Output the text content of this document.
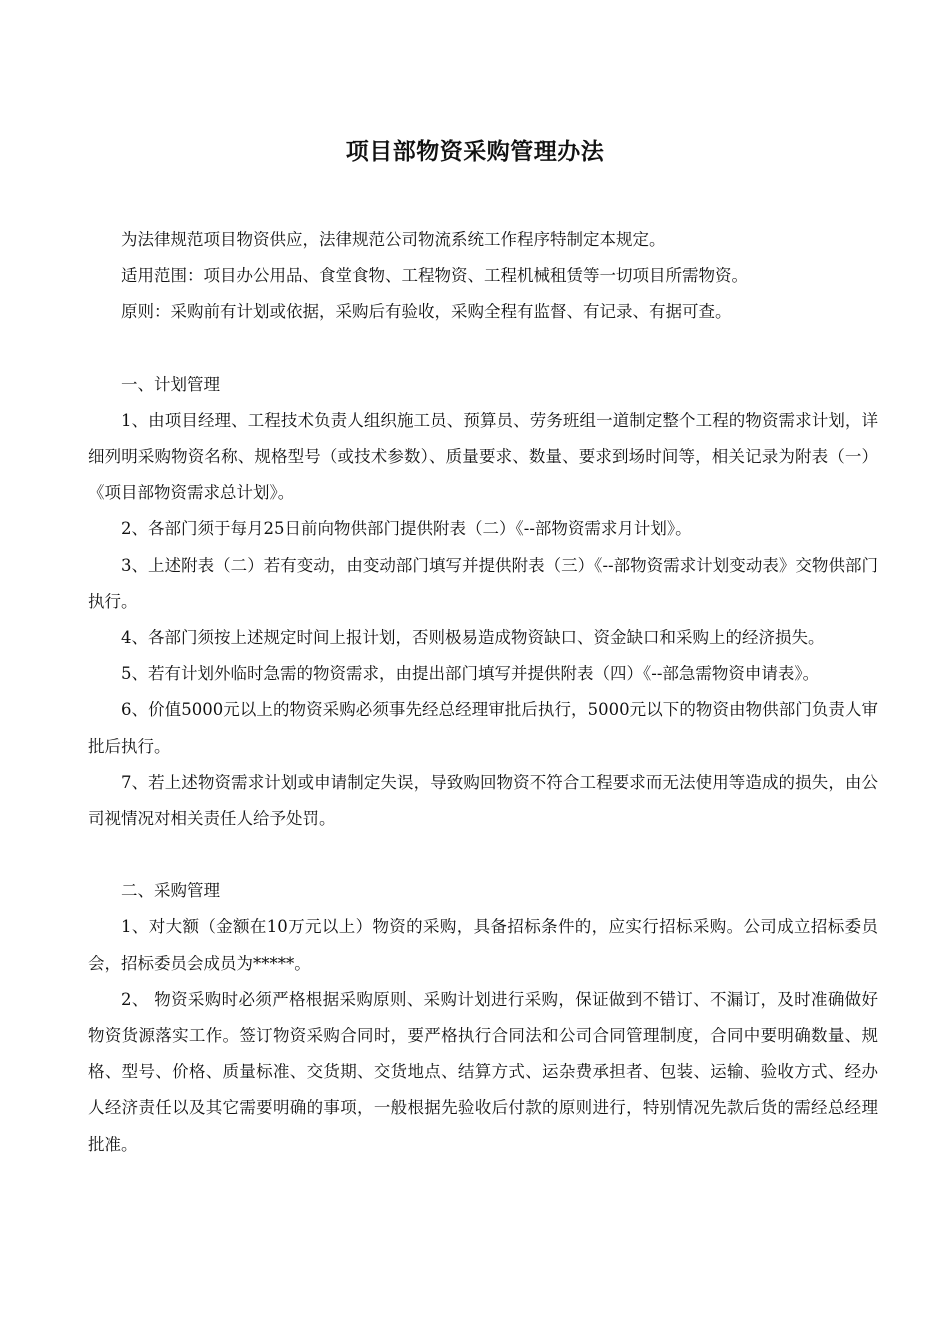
项目部物资采购管理办法

为法律规范项目物资供应，法律规范公司物流系统工作程序特制定本规定。

适用范围：项目办公用品、食堂食物、工程物资、工程机械租赁等一切项目所需物资。

原则：采购前有计划或依据，采购后有验收，采购全程有监督、有记录、有据可查。

一、计划管理

1、由项目经理、工程技术负责人组织施工员、预算员、劳务班组一道制定整个工程的物资需求计划，详细列明采购物资名称、规格型号（或技术参数）、质量要求、数量、要求到场时间等，相关记录为附表（一）《项目部物资需求总计划》。

2、各部门须于每月25日前向物供部门提供附表（二）《--部物资需求月计划》。

3、上述附表（二）若有变动，由变动部门填写并提供附表（三）《--部物资需求计划变动表》交物供部门执行。

4、各部门须按上述规定时间上报计划，否则极易造成物资缺口、资金缺口和采购上的经济损失。

5、若有计划外临时急需的物资需求，由提出部门填写并提供附表（四）《--部急需物资申请表》。

6、价值5000元以上的物资采购必须事先经总经理审批后执行，5000元以下的物资由物供部门负责人审批后执行。

7、若上述物资需求计划或申请制定失误，导致购回物资不符合工程要求而无法使用等造成的损失，由公司视情况对相关责任人给予处罚。

二、采购管理

1、对大额（金额在10万元以上）物资的采购，具备招标条件的，应实行招标采购。公司成立招标委员会，招标委员会成员为*****。

2、 物资采购时必须严格根据采购原则、采购计划进行采购，保证做到不错订、不漏订，及时准确做好物资货源落实工作。签订物资采购合同时，要严格执行合同法和公司合同管理制度，合同中要明确数量、规格、型号、价格、质量标准、交货期、交货地点、结算方式、运杂费承担者、包装、运输、验收方式、经办人经济责任以及其它需要明确的事项，一般根据先验收后付款的原则进行，特别情况先款后货的需经总经理批准。
